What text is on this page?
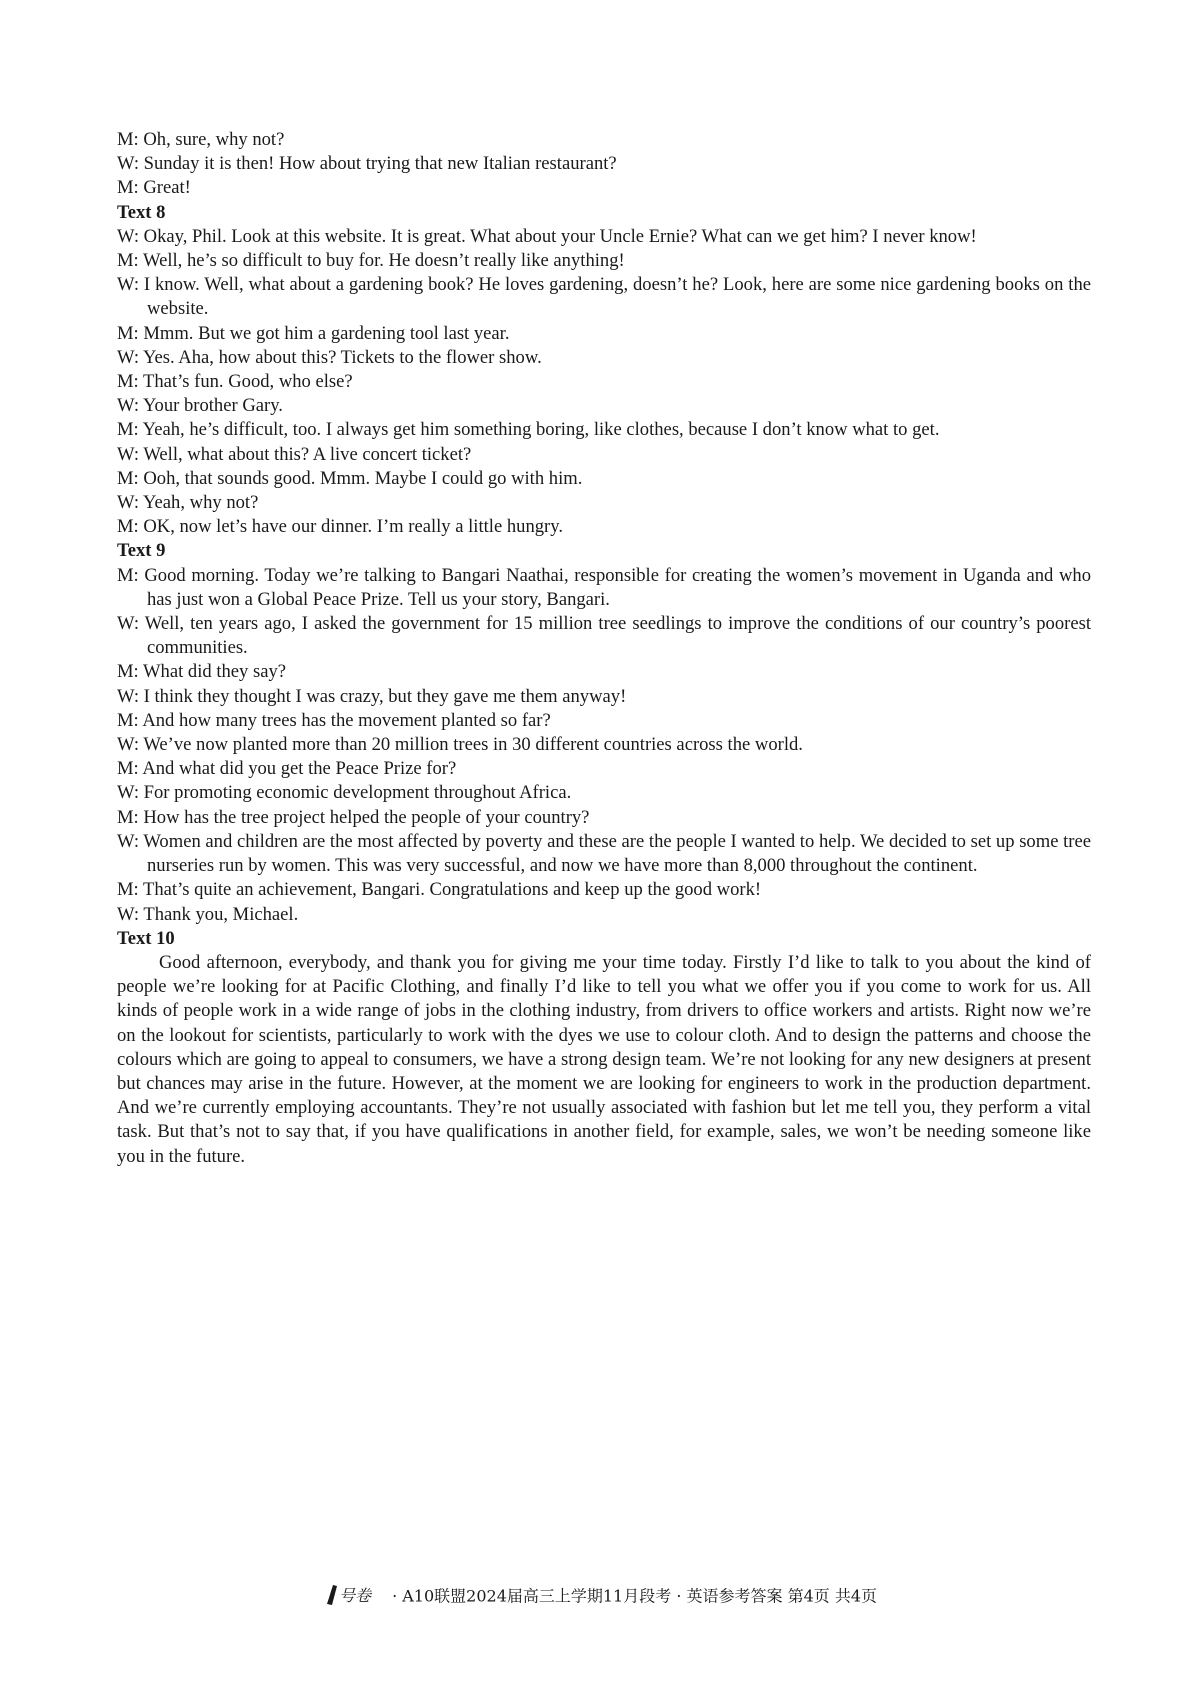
M: Oh, sure, why not?
W: Sunday it is then! How about trying that new Italian restaurant?
M: Great!
Text 8
W: Okay, Phil. Look at this website. It is great. What about your Uncle Ernie? What can we get him? I never know!
M: Well, he’s so difficult to buy for. He doesn’t really like anything!
W: I know. Well, what about a gardening book? He loves gardening, doesn’t he? Look, here are some nice gardening books on the website.
M: Mmm. But we got him a gardening tool last year.
W: Yes. Aha, how about this? Tickets to the flower show.
M: That’s fun. Good, who else?
W: Your brother Gary.
M: Yeah, he’s difficult, too. I always get him something boring, like clothes, because I don’t know what to get.
W: Well, what about this? A live concert ticket?
M: Ooh, that sounds good. Mmm. Maybe I could go with him.
W: Yeah, why not?
M: OK, now let’s have our dinner. I’m really a little hungry.
Text 9
M: Good morning. Today we’re talking to Bangari Naathai, responsible for creating the women’s movement in Uganda and who has just won a Global Peace Prize. Tell us your story, Bangari.
W: Well, ten years ago, I asked the government for 15 million tree seedlings to improve the conditions of our country’s poorest communities.
M: What did they say?
W: I think they thought I was crazy, but they gave me them anyway!
M: And how many trees has the movement planted so far?
W: We’ve now planted more than 20 million trees in 30 different countries across the world.
M: And what did you get the Peace Prize for?
W: For promoting economic development throughout Africa.
M: How has the tree project helped the people of your country?
W: Women and children are the most affected by poverty and these are the people I wanted to help. We decided to set up some tree nurseries run by women. This was very successful, and now we have more than 8,000 throughout the continent.
M: That’s quite an achievement, Bangari. Congratulations and keep up the good work!
W: Thank you, Michael.
Text 10
Good afternoon, everybody, and thank you for giving me your time today. Firstly I’d like to talk to you about the kind of people we’re looking for at Pacific Clothing, and finally I’d like to tell you what we offer you if you come to work for us. All kinds of people work in a wide range of jobs in the clothing industry, from drivers to office workers and artists. Right now we’re on the lookout for scientists, particularly to work with the dyes we use to colour cloth. And to design the patterns and choose the colours which are going to appeal to consumers, we have a strong design team. We’re not looking for any new designers at present but chances may arise in the future. However, at the moment we are looking for engineers to work in the production department. And we’re currently employing accountants. They’re not usually associated with fashion but let me tell you, they perform a vital task. But that’s not to say that, if you have qualifications in another field, for example, sales, we won’t be needing someone like you in the future.
号卷 · A10联盟2024届高三上学期11月段考 · 英语参考答案 第4页 共4页
